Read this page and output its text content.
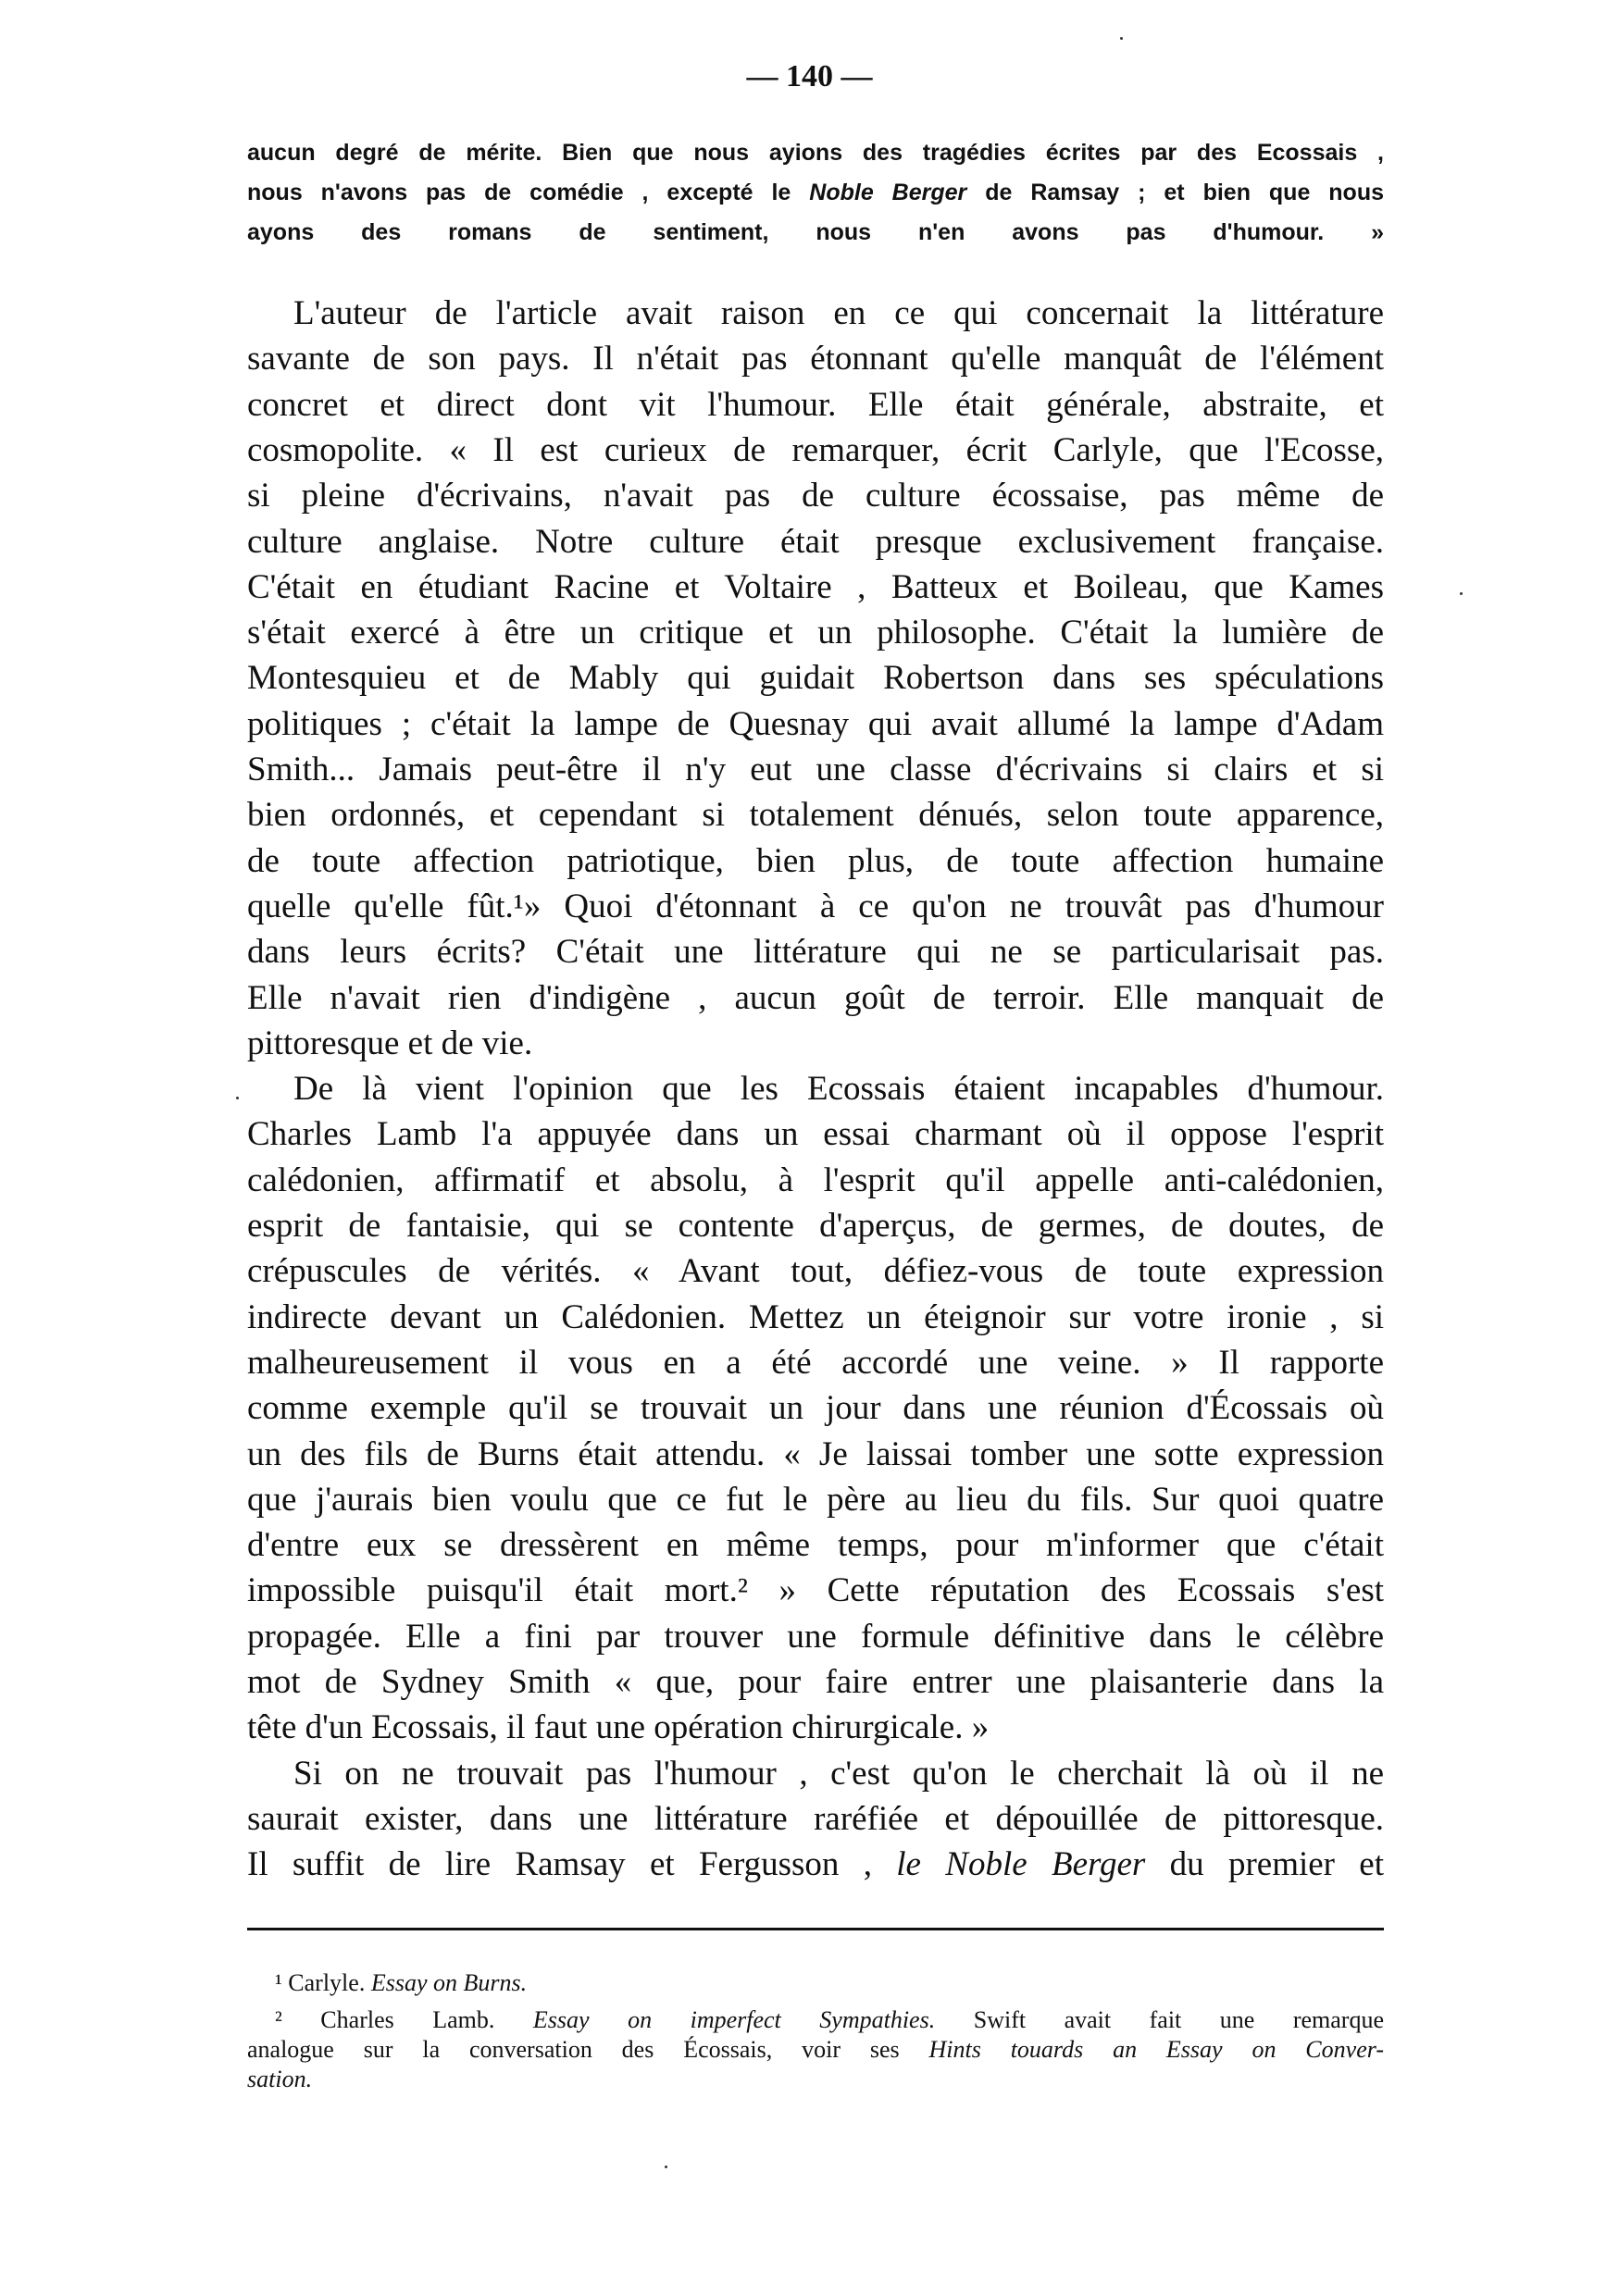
— 140 —
aucun degré de mérite. Bien que nous ayions des tragédies écrites par des Ecossais ,
nous n'avons pas de comédie , excepté le Noble Berger de Ramsay ; et bien que nous
ayons des romans de sentiment, nous n'en avons pas d'humour. »
L'auteur de l'article avait raison en ce qui concernait la littérature
savante de son pays. Il n'était pas étonnant qu'elle manquât de l'élément
concret et direct dont vit l'humour. Elle était générale, abstraite, et
cosmopolite. « Il est curieux de remarquer, écrit Carlyle, que l'Ecosse,
si pleine d'écrivains, n'avait pas de culture écossaise, pas même de
culture anglaise. Notre culture était presque exclusivement française.
C'était en étudiant Racine et Voltaire , Batteux et Boileau, que Kames
s'était exercé à être un critique et un philosophe. C'était la lumière de
Montesquieu et de Mably qui guidait Robertson dans ses spéculations
politiques ; c'était la lampe de Quesnay qui avait allumé la lampe d'Adam
Smith... Jamais peut-être il n'y eut une classe d'écrivains si clairs et si
bien ordonnés, et cependant si totalement dénués, selon toute apparence,
de toute affection patriotique, bien plus, de toute affection humaine
quelle qu'elle fût.¹» Quoi d'étonnant à ce qu'on ne trouvât pas d'humour
dans leurs écrits? C'était une littérature qui ne se particularisait pas.
Elle n'avait rien d'indigène , aucun goût de terroir. Elle manquait de
pittoresque et de vie.
De là vient l'opinion que les Ecossais étaient incapables d'humour.
Charles Lamb l'a appuyée dans un essai charmant où il oppose l'esprit
calédonien, affirmatif et absolu, à l'esprit qu'il appelle anti-calédonien,
esprit de fantaisie, qui se contente d'aperçus, de germes, de doutes, de
crépuscules de vérités. « Avant tout, défiez-vous de toute expression
indirecte devant un Calédonien. Mettez un éteignoir sur votre ironie , si
malheureusement il vous en a été accordé une veine. » Il rapporte
comme exemple qu'il se trouvait un jour dans une réunion d'Écossais où
un des fils de Burns était attendu. « Je laissai tomber une sotte expression
que j'aurais bien voulu que ce fut le père au lieu du fils. Sur quoi quatre
d'entre eux se dressèrent en même temps, pour m'informer que c'était
impossible puisqu'il était mort.² » Cette réputation des Ecossais s'est
propagée. Elle a fini par trouver une formule définitive dans le célèbre
mot de Sydney Smith « que, pour faire entrer une plaisanterie dans la
tête d'un Ecossais, il faut une opération chirurgicale. »
Si on ne trouvait pas l'humour , c'est qu'on le cherchait là où il ne
saurait exister, dans une littérature raréfiée et dépouillée de pittoresque.
Il suffit de lire Ramsay et Fergusson , le Noble Berger du premier et
¹ Carlyle. Essay on Burns.
² Charles Lamb. Essay on imperfect Sympathies. Swift avait fait une remarque
analogue sur la conversation des Écossais, voir ses Hints touards an Essay on Conver-
sation.
